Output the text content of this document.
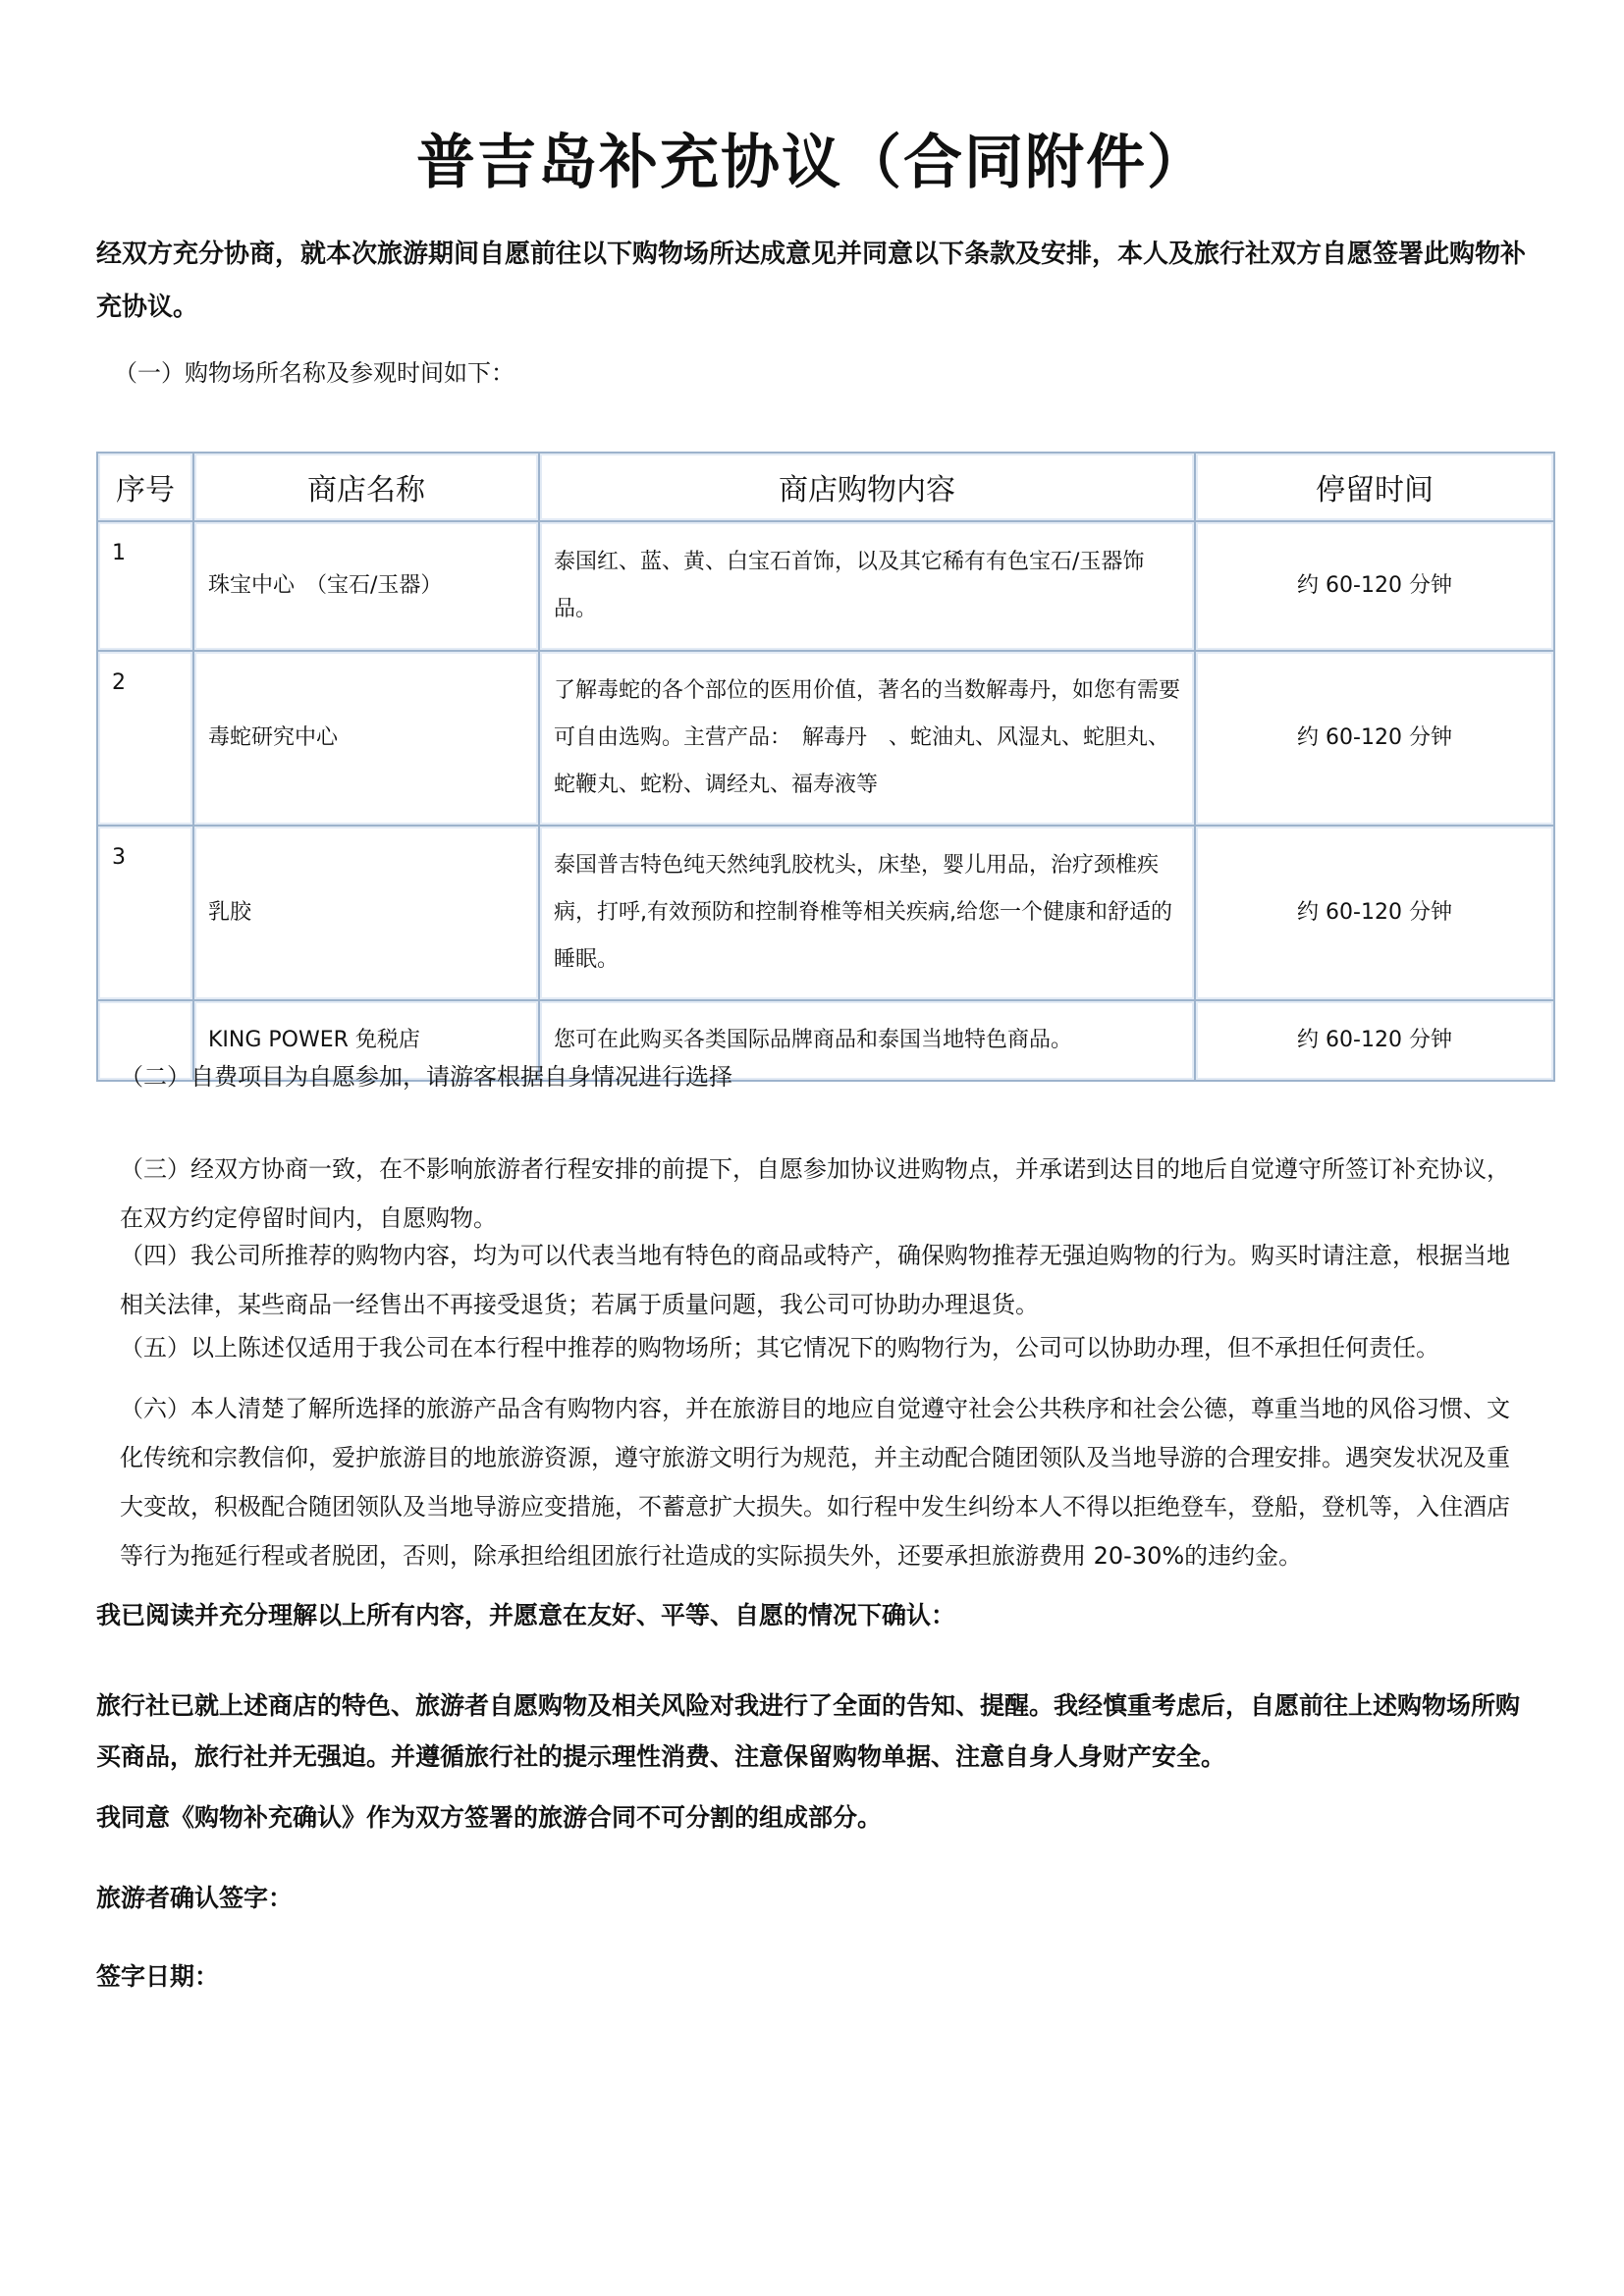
普吉岛补充协议（合同附件）

经双方充分协商，就本次旅游期间自愿前往以下购物场所达成意见并同意以下条款及安排，本人及旅行社双方自愿签署此购物补充协议。

（一）购物场所名称及参观时间如下：

序号	商店名称	商店购物内容	停留时间
1	珠宝中心　（宝石/玉器）	泰国红、蓝、黄、白宝石首饰，以及其它稀有有色宝石/玉器饰品。	约 60-120 分钟
2	毒蛇研究中心	了解毒蛇的各个部位的医用价值，著名的当数解毒丹，如您有需要可自由选购。主营产品：　解毒丹　、蛇油丸、风湿丸、蛇胆丸、蛇鞭丸、蛇粉、调经丸、福寿液等	约 60-120 分钟
3	乳胶	泰国普吉特色纯天然纯乳胶枕头，床垫，婴儿用品，治疗颈椎疾病，打呼,有效预防和控制脊椎等相关疾病,给您一个健康和舒适的睡眠。	约 60-120 分钟
	KING POWER 免税店	您可在此购买各类国际品牌商品和泰国当地特色商品。	约 60-120 分钟

（二）自费项目为自愿参加，请游客根据自身情况进行选择

（三）经双方协商一致，在不影响旅游者行程安排的前提下，自愿参加协议进购物点，并承诺到达目的地后自觉遵守所签订补充协议，在双方约定停留时间内，自愿购物。

（四）我公司所推荐的购物内容，均为可以代表当地有特色的商品或特产，确保购物推荐无强迫购物的行为。购买时请注意，根据当地相关法律，某些商品一经售出不再接受退货；若属于质量问题，我公司可协助办理退货。

（五）以上陈述仅适用于我公司在本行程中推荐的购物场所；其它情况下的购物行为，公司可以协助办理，但不承担任何责任。

（六）本人清楚了解所选择的旅游产品含有购物内容，并在旅游目的地应自觉遵守社会公共秩序和社会公德，尊重当地的风俗习惯、文化传统和宗教信仰，爱护旅游目的地旅游资源，遵守旅游文明行为规范，并主动配合随团领队及当地导游的合理安排。遇突发状况及重大变故，积极配合随团领队及当地导游应变措施，不蓄意扩大损失。如行程中发生纠纷本人不得以拒绝登车，登船，登机等，入住酒店等行为拖延行程或者脱团，否则，除承担给组团旅行社造成的实际损失外，还要承担旅游费用 20-30%的违约金。

我已阅读并充分理解以上所有内容，并愿意在友好、平等、自愿的情况下确认：

旅行社已就上述商店的特色、旅游者自愿购物及相关风险对我进行了全面的告知、提醒。我经慎重考虑后，自愿前往上述购物场所购买商品，旅行社并无强迫。并遵循旅行社的提示理性消费、注意保留购物单据、注意自身人身财产安全。

我同意《购物补充确认》作为双方签署的旅游合同不可分割的组成部分。

旅游者确认签字：

签字日期：
